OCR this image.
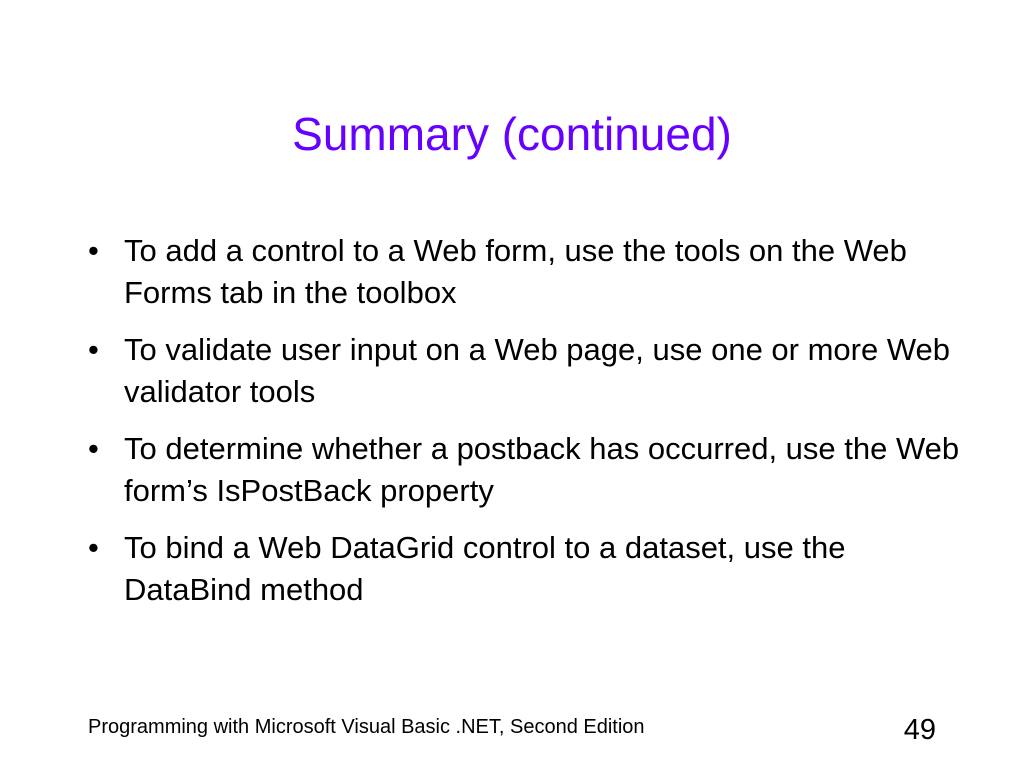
Summary (continued)
• To add a control to a Web form, use the tools on the Web Forms tab in the toolbox
• To validate user input on a Web page, use one or more Web validator tools
• To determine whether a postback has occurred, use the Web form’s IsPostBack property
• To bind a Web DataGrid control to a dataset, use the DataBind method
Programming with Microsoft Visual Basic .NET, Second Edition	49
